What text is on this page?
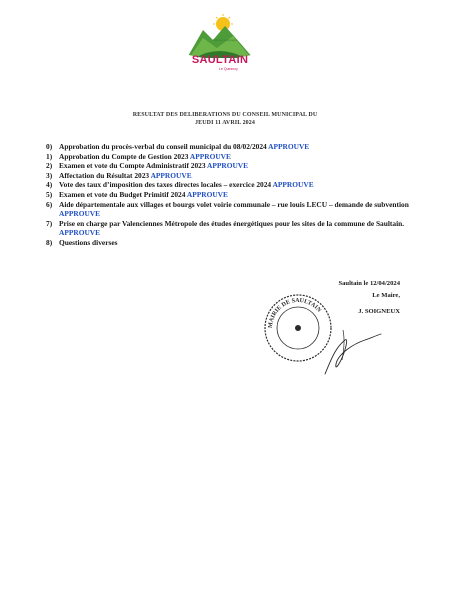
Ville de campagne
SAULTAIN
Le Quesnoy
RESULTAT DES DELIBERATIONS DU CONSEIL MUNICIPAL DU
JEUDI 11 AVRIL 2024
0) Approbation du procès-verbal du conseil municipal du 08/02/2024 APPROUVE
1) Approbation du Compte de Gestion 2023 APPROUVE
2) Examen et vote du Compte Administratif 2023 APPROUVE
3) Affectation du Résultat 2023 APPROUVE
4) Vote des taux d’imposition des taxes directes locales – exercice 2024 APPROUVE
5) Examen et vote du Budget Primitif 2024 APPROUVE
6) Aide départementale aux villages et bourgs volet voirie communale – rue louis LECU – demande de subvention APPROUVE
7) Prise en charge par Valenciennes Métropole des études énergétiques pour les sites de la commune de Saultain. APPROUVE
8) Questions diverses
Saultain le 12/04/2024
Le Maire,
J. SOIGNEUX
MAIRIE DE SAULTAIN
